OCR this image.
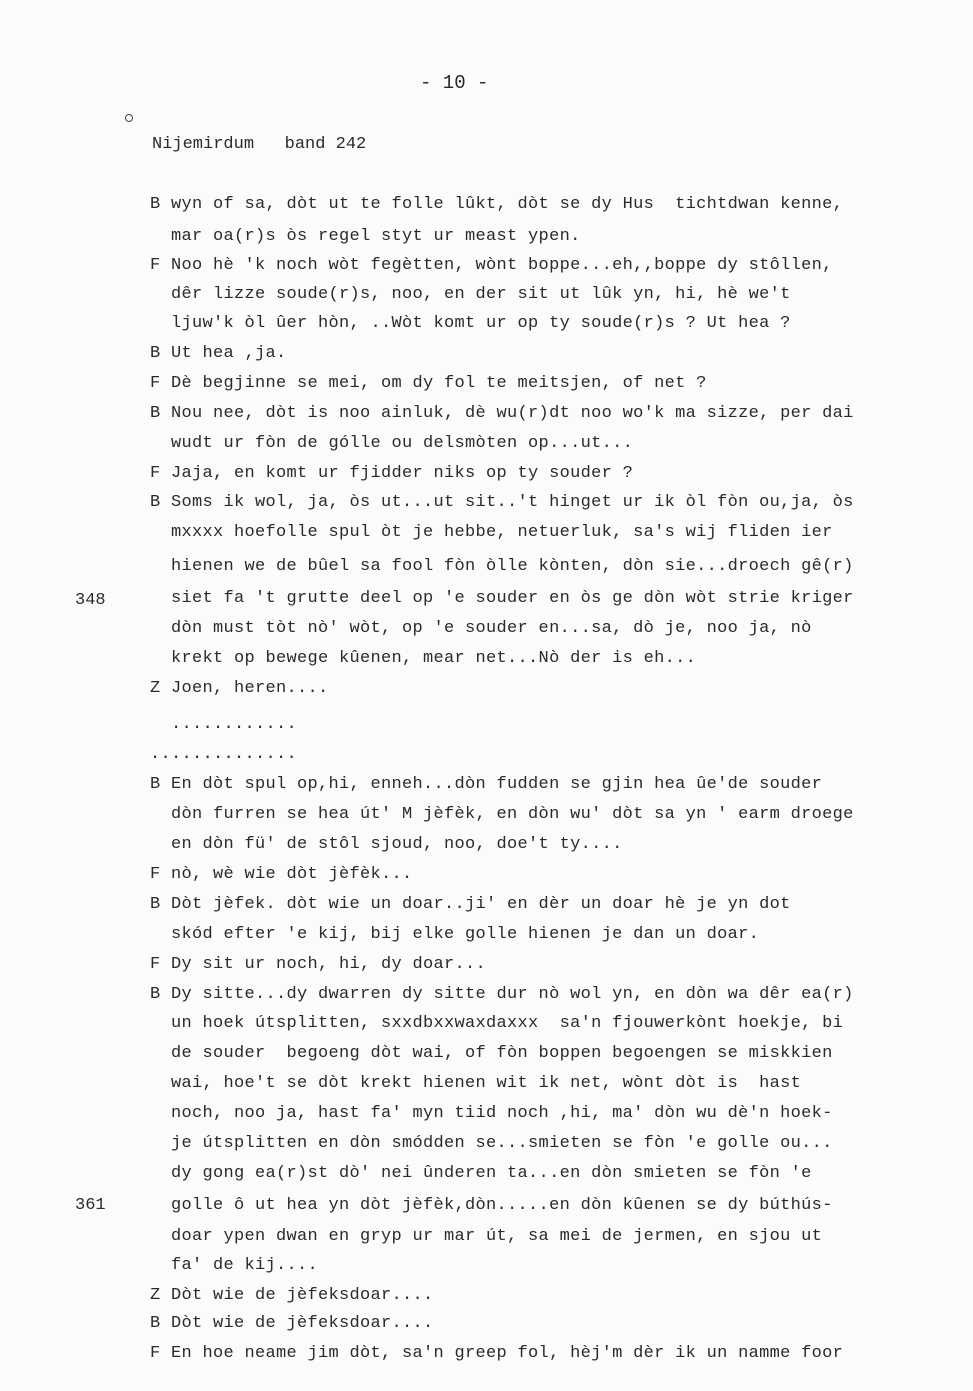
- 10 -
Nijemirdum band 242
348
361
B wyn of sa, dòt ut te folle lûkt, dòt se dy Hus  tichtdwan kenne,
mar oa(r)s òs regel styt ur meast ypen.
F Noo hè 'k noch wòt fegètten, wònt boppe...eh,,boppe dy stôllen,
dêr lizze soude(r)s, noo, en der sit ut lûk yn, hi, hè we't
ljuw'k òl ûer hòn, ..Wòt komt ur op ty soude(r)s ? Ut hea ?
B Ut hea ,ja.
F Dè begjinne se mei, om dy fol te meitsjen, of net ?
B Nou nee, dòt is noo ainluk, dè wu(r)dt noo wo'k ma sizze, per dai
wudt ur fòn de gólle ou delsmòten op...ut...
F Jaja, en komt ur fjidder niks op ty souder ?
B Soms ik wol, ja, òs ut...ut sit..'t hinget ur ik òl fòn ou,ja, òs
mxxxx hoefolle spul òt je hebbe, netuerluk, sa's wij fliden ier
hienen we de bûel sa fool fòn òlle kònten, dòn sie...droech gê(r)
siet fa 't grutte deel op 'e souder en òs ge dòn wòt strie kriger
dòn must tòt nò' wòt, op 'e souder en...sa, dò je, noo ja, nò
krekt op bewege kûenen, mear net...Nò der is eh...
Z Joen, heren....
............
..............
B En dòt spul op,hi, enneh...dòn fudden se gjin hea ûe'de souder
dòn furren se hea út' M jèfèk, en dòn wu' dòt sa yn ' earm droege
en dòn fü' de stôl sjoud, noo, doe't ty....
F nò, wè wie dòt jèfèk...
B Dòt jèfek. dòt wie un doar..ji' en dèr un doar hè je yn dot
skód efter 'e kij, bij elke golle hienen je dan un doar.
F Dy sit ur noch, hi, dy doar...
B Dy sitte...dy dwarren dy sitte dur nò wol yn, en dòn wa dêr ea(r)
un hoek útsplitten, sxxdbxxwaxdaxxx  sa'n fjouwerkònt hoekje, bi
de souder  begoeng dòt wai, of fòn boppen begoengen se miskkien
wai, hoe't se dòt krekt hienen wit ik net, wònt dòt is  hast
noch, noo ja, hast fa' myn tiid noch ,hi, ma' dòn wu dè'n hoek-
je útsplitten en dòn smódden se...smieten se fòn 'e golle ou...
dy gong ea(r)st dò' nei ûnderen ta...en dòn smieten se fòn 'e
golle ô ut hea yn dòt jèfèk,dòn.....en dòn kûenen se dy búthús-
doar ypen dwan en gryp ur mar út, sa mei de jermen, en sjou ut
fa' de kij....
Z Dòt wie de jèfeksdoar....
B Dòt wie de jèfeksdoar....
F En hoe neame jim dòt, sa'n greep fol, hèj'm dèr ik un namme foor
